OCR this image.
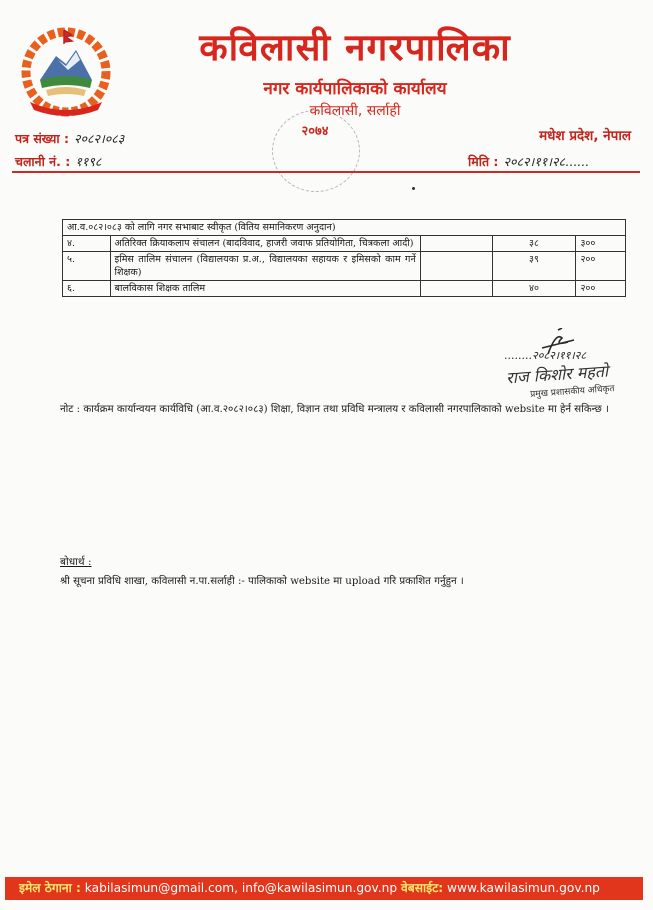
कविलासी नगरपालिका
नगर कार्यपालिकाको कार्यालय
कविलासी, सर्लाही
२०७४
पत्र संख्या : २०८२।०८३
चलानी नं. : ११९८
मधेश प्रदेश, नेपाल
मिति : २०८२।११।२८......
आ.व.०८२।०८३ को लागि नगर सभाबाट स्वीकृत (वितिय समानिकरण अनुदान)				
४.	अतिरिक्त क्रियाकलाप संचालन (बादविवाद, हाजरी जवाफ प्रतियोगिता, चित्रकला आदी)		३८	३००
५.	इमिस तालिम संचालन (विद्यालयका प्र.अ., विद्यालयका सहायक र इमिसको काम गर्ने शिक्षक)		३९	२००
६.	बालविकास शिक्षक तालिम		४०	२००
........२०८२।११।२८
राज किशोर महतो
प्रमुख प्रशासकीय अधिकृत
नोट : कार्यक्रम कार्यान्वयन कार्यविधि (आ.व.२०८२।०८३) शिक्षा, विज्ञान तथा प्रविधि मन्त्रालय र कविलासी नगरपालिकाको website मा हेर्न सकिन्छ ।
बोधार्थ :
श्री सूचना प्रविधि शाखा, कविलासी न.पा.सर्लाही :- पालिकाको website मा upload गरि प्रकाशित गर्नुहुन ।
इमेल ठेगाना : kabilasimun@gmail.com, info@kawilasimun.gov.np वेबसाईट: www.kawilasimun.gov.np
